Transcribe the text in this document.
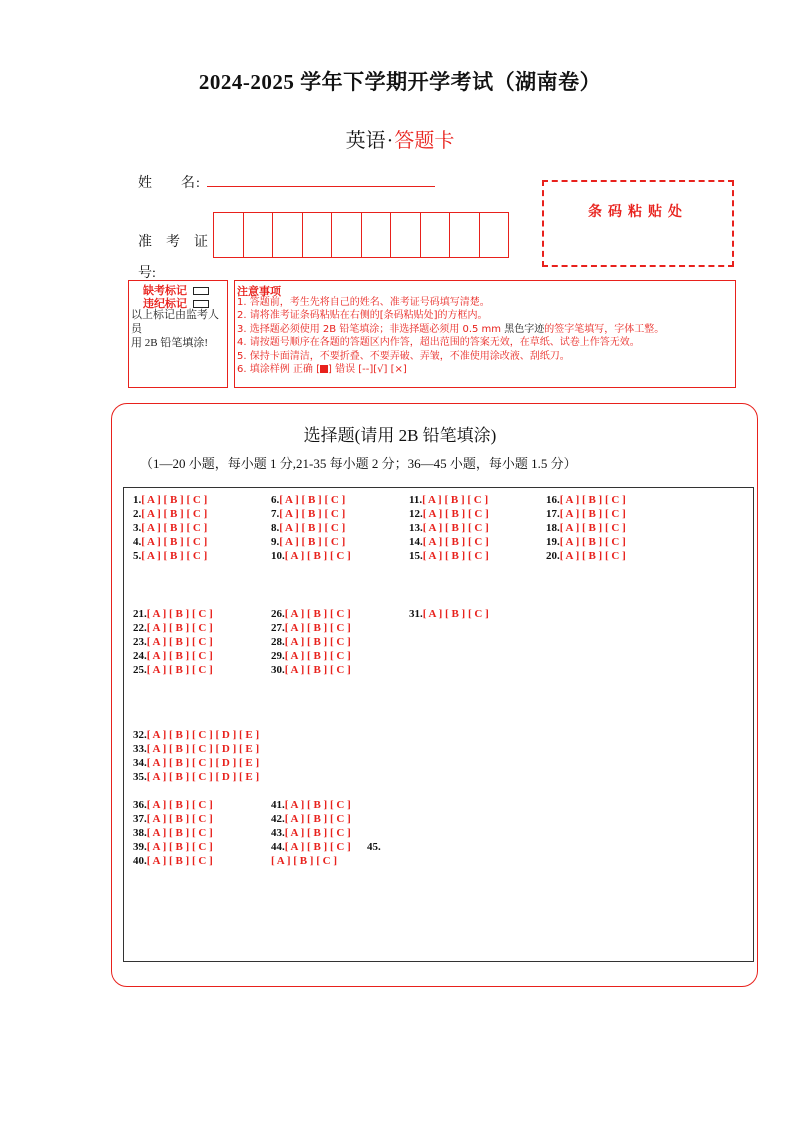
2024-2025 学年下学期开学考试（湖南卷）
英语·答题卡
姓 名:
准 考 证
号:
条码粘贴处
缺考标记
违纪标记
以上标记由监考人员
用 2B 铅笔填涂!
注意事项
1. 答题前，考生先将自己的姓名、准考证号码填写清楚。
2. 请将准考证条码粘贴在右侧的[条码粘贴处]的方框内。
3. 选择题必须使用 2B 铅笔填涂；非选择题必须用 0.5 mm 黑色字迹的签字笔填写，字体工整。
4. 请按题号顺序在各题的答题区内作答，超出范围的答案无效，在草纸、试卷上作答无效。
5. 保持卡面清洁，不要折叠、不要弄破、弄皱，不准使用涂改液、刮纸刀。
6. 填涂样例 正确 [ ] 错误 [--][√] [×]
选择题(请用 2B 铅笔填涂)
（1—20 小题，每小题 1 分,21-35 每小题 2 分；36—45 小题，每小题 1.5 分）
1.[ A ] [ B ] [ C ]
2.[ A ] [ B ] [ C ]
3.[ A ] [ B ] [ C ]
4.[ A ] [ B ] [ C ]
5.[ A ] [ B ] [ C ]
6.[ A ] [ B ] [ C ]
7.[ A ] [ B ] [ C ]
8.[ A ] [ B ] [ C ]
9.[ A ] [ B ] [ C ]
10.[ A ] [ B ] [ C ]
11.[ A ] [ B ] [ C ]
12.[ A ] [ B ] [ C ]
13.[ A ] [ B ] [ C ]
14.[ A ] [ B ] [ C ]
15.[ A ] [ B ] [ C ]
16.[ A ] [ B ] [ C ]
17.[ A ] [ B ] [ C ]
18.[ A ] [ B ] [ C ]
19.[ A ] [ B ] [ C ]
20.[ A ] [ B ] [ C ]
21.[ A ] [ B ] [ C ]
22.[ A ] [ B ] [ C ]
23.[ A ] [ B ] [ C ]
24.[ A ] [ B ] [ C ]
25.[ A ] [ B ] [ C ]
26.[ A ] [ B ] [ C ]
27.[ A ] [ B ] [ C ]
28.[ A ] [ B ] [ C ]
29.[ A ] [ B ] [ C ]
30.[ A ] [ B ] [ C ]
31.[ A ] [ B ] [ C ]
32.[ A ] [ B ] [ C ] [ D ] [ E ]
33.[ A ] [ B ] [ C ] [ D ] [ E ]
34.[ A ] [ B ] [ C ] [ D ] [ E ]
35.[ A ] [ B ] [ C ] [ D ] [ E ]
36.[ A ] [ B ] [ C ]
37.[ A ] [ B ] [ C ]
38.[ A ] [ B ] [ C ]
39.[ A ] [ B ] [ C ]
40.[ A ] [ B ] [ C ]
41.[ A ] [ B ] [ C ]
42.[ A ] [ B ] [ C ]
43.[ A ] [ B ] [ C ]
44.[ A ] [ B ] [ C ] 45.
[ A ] [ B ] [ C ]
